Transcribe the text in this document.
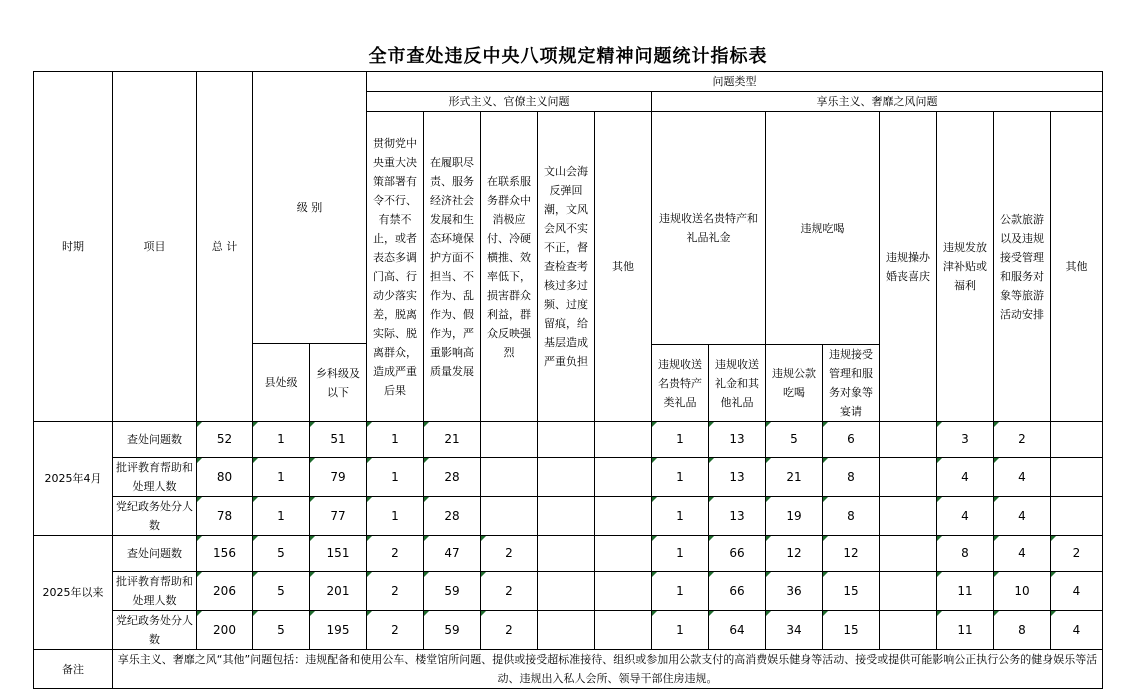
全市查处违反中央八项规定精神问题统计指标表
时期	项目	总 计	级 别		问题类型												
					形式主义、官僚主义问题					享乐主义、奢靡之风问题							
					贯彻党中央重大决策部署有令不行、有禁不止，或者表态多调门高、行动少落实差，脱离实际、脱离群众，造成严重后果	在履职尽责、服务经济社会发展和生态环境保护方面不担当、不作为、乱作为、假作为，严重影响高质量发展	在联系服务群众中消极应付、冷硬横推、效率低下，损害群众利益，群众反映强烈	文山会海反弹回潮，文风会风不实不正，督查检查考核过多过频、过度留痕，给基层造成严重负担	其他	违规收送名贵特产和礼品礼金		违规吃喝		违规操办婚丧喜庆	违规发放津补贴或福利	公款旅游以及违规接受管理和服务对象等旅游活动安排	其他
			县处级	乡科级及以下													
										违规收送名贵特产类礼品	违规收送礼金和其他礼品	违规公款吃喝	违规接受管理和服务对象等宴请				
2025年4月	查处问题数	52	1	51	1	21				1	13	5	6		3	2	
	批评教育帮助和处理人数	80	1	79	1	28				1	13	21	8		4	4	
	党纪政务处分人数	78	1	77	1	28				1	13	19	8		4	4	
2025年以来	查处问题数	156	5	151	2	47	2			1	66	12	12		8	4	2
	批评教育帮助和处理人数	206	5	201	2	59	2			1	66	36	15		11	10	4
	党纪政务处分人数	200	5	195	2	59	2			1	64	34	15		11	8	4
备注	享乐主义、奢靡之风“其他”问题包括：违规配备和使用公车、楼堂馆所问题、提供或接受超标准接待、组织或参加用公款支付的高消费娱乐健身等活动、接受或提供可能影响公正执行公务的健身娱乐等活动、违规出入私人会所、领导干部住房违规。																
